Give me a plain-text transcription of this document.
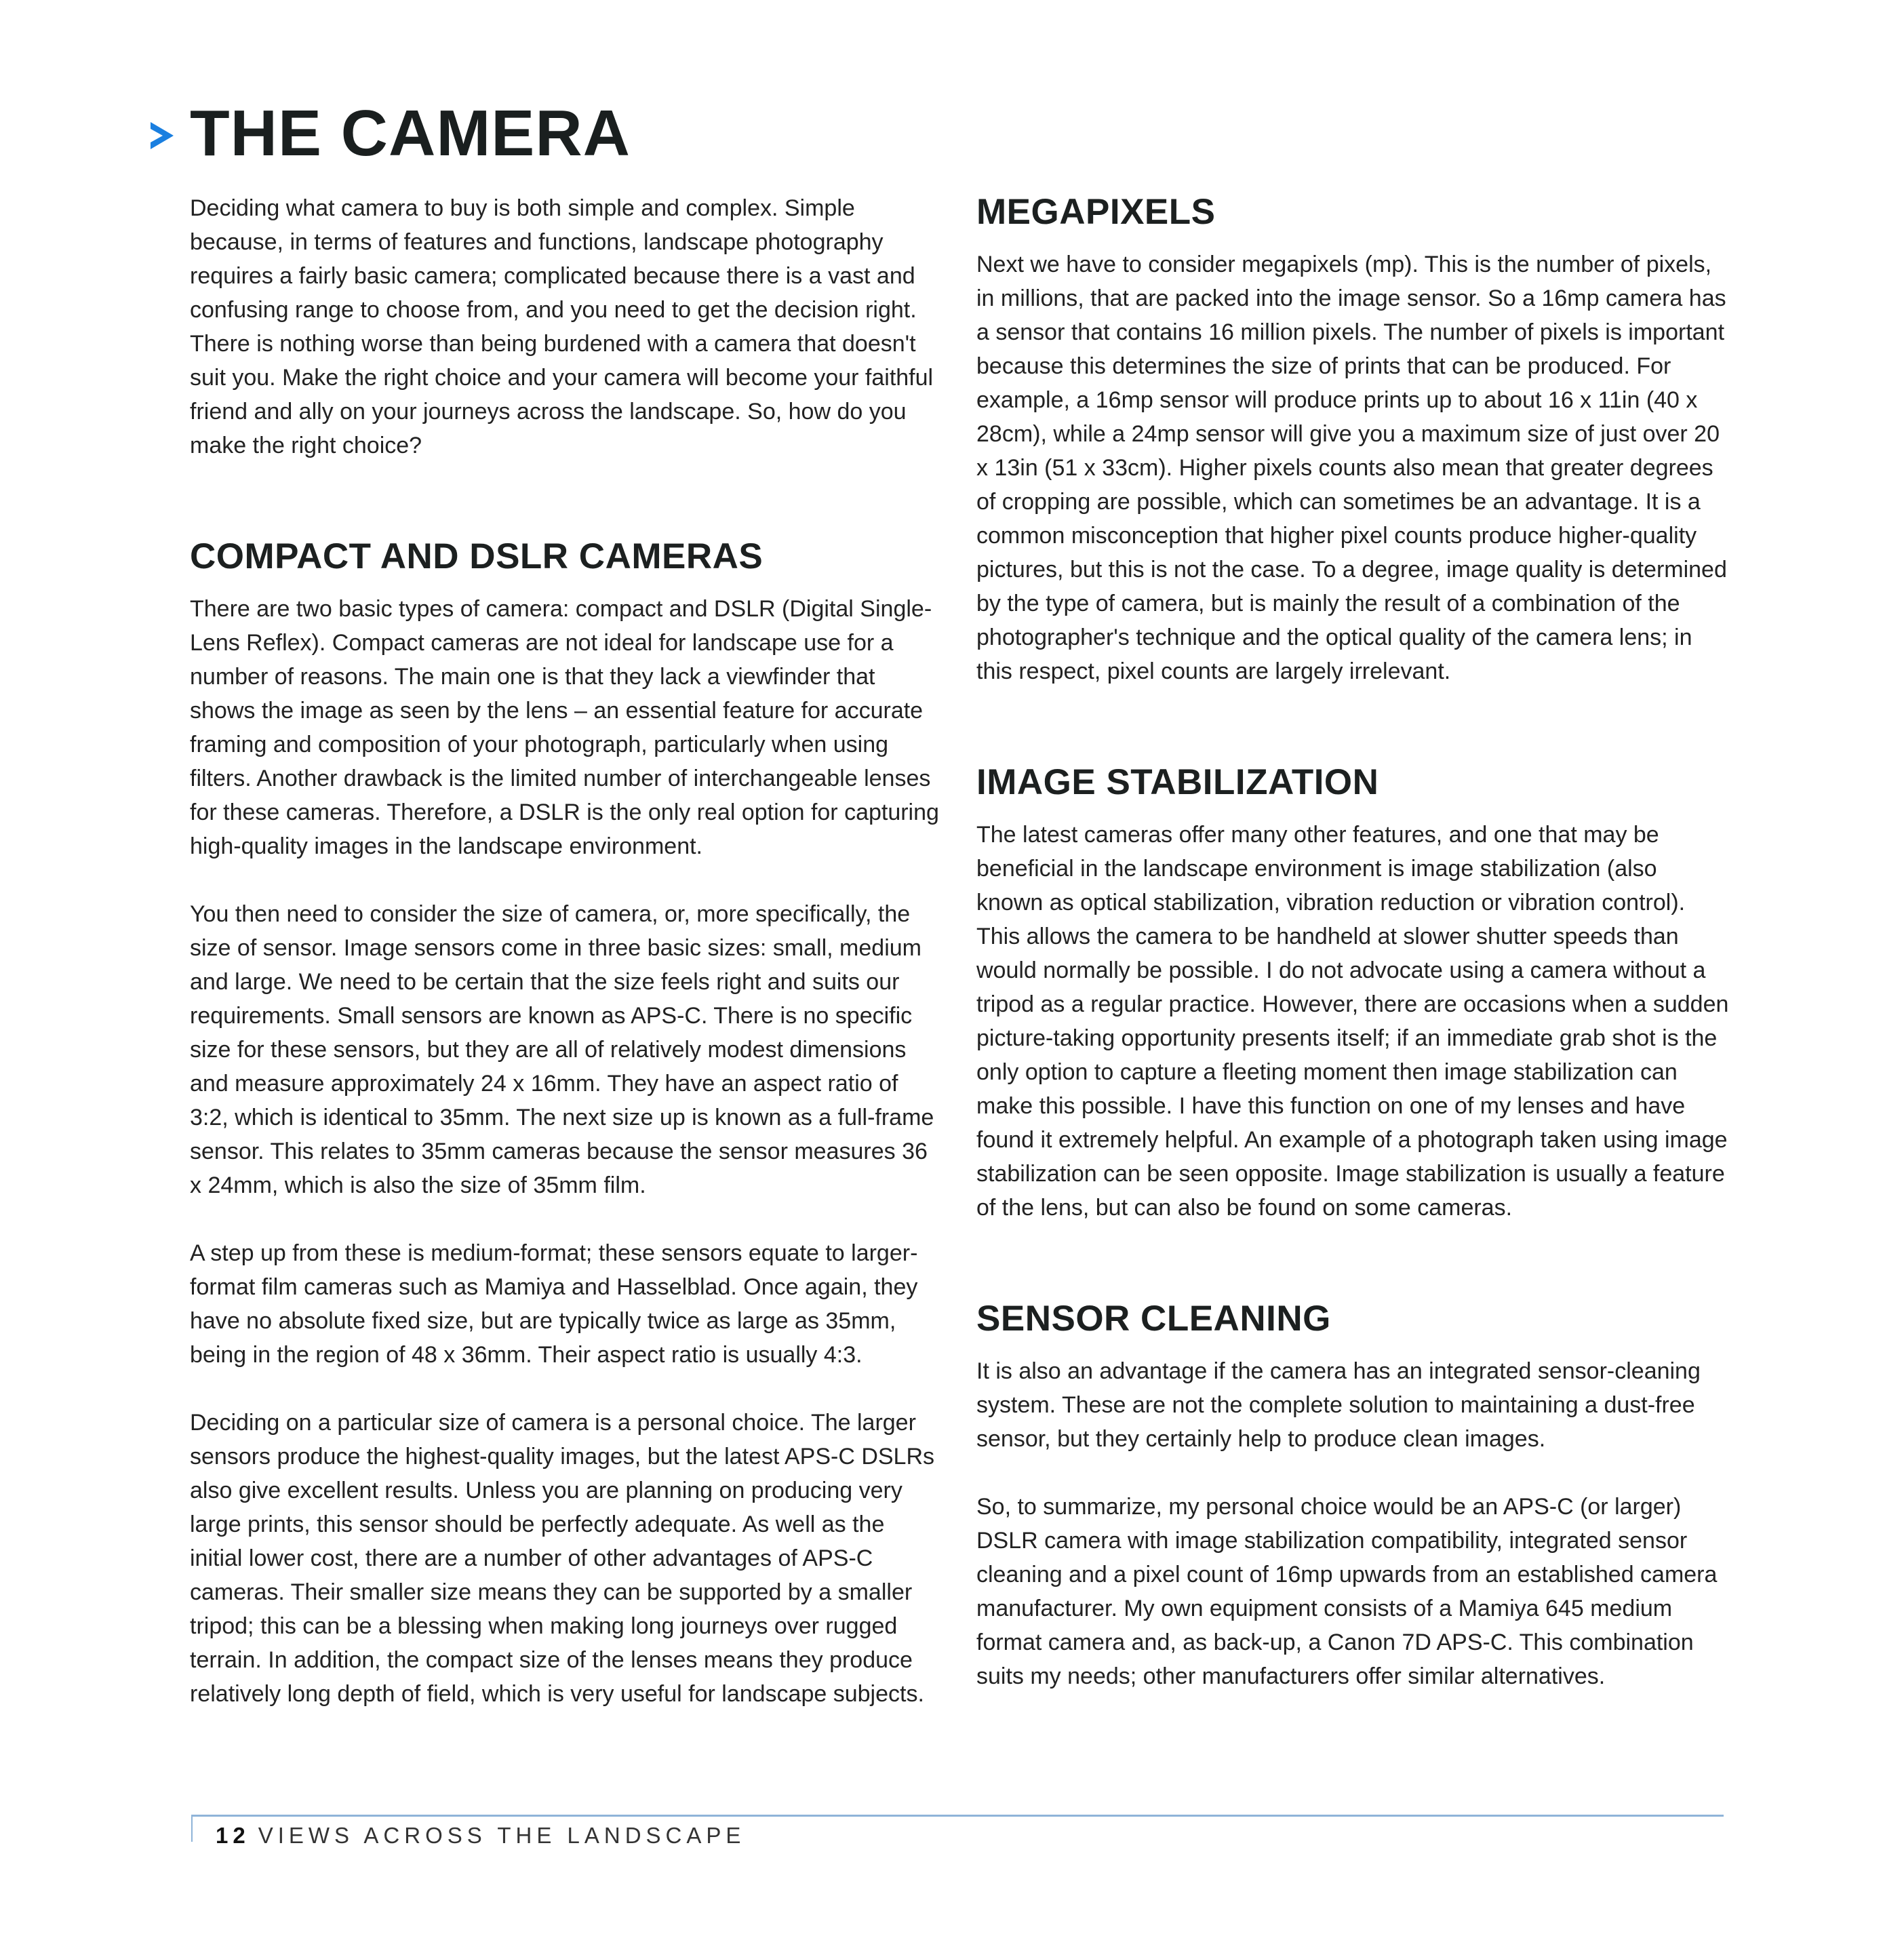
THE CAMERA

Deciding what camera to buy is both simple and complex. Simple because, in terms of features and functions, landscape photography requires a fairly basic camera; complicated because there is a vast and confusing range to choose from, and you need to get the decision right. There is nothing worse than being burdened with a camera that doesn't suit you. Make the right choice and your camera will become your faithful friend and ally on your journeys across the landscape. So, how do you make the right choice?

COMPACT AND DSLR CAMERAS

There are two basic types of camera: compact and DSLR (Digital Single-Lens Reflex). Compact cameras are not ideal for landscape use for a number of reasons. The main one is that they lack a viewfinder that shows the image as seen by the lens – an essential feature for accurate framing and composition of your photograph, particularly when using filters. Another drawback is the limited number of interchangeable lenses for these cameras. Therefore, a DSLR is the only real option for capturing high-quality images in the landscape environment.

You then need to consider the size of camera, or, more specifically, the size of sensor. Image sensors come in three basic sizes: small, medium and large. We need to be certain that the size feels right and suits our requirements. Small sensors are known as APS-C. There is no specific size for these sensors, but they are all of relatively modest dimensions and measure approximately 24 x 16mm. They have an aspect ratio of 3:2, which is identical to 35mm. The next size up is known as a full-frame sensor. This relates to 35mm cameras because the sensor measures 36 x 24mm, which is also the size of 35mm film.

A step up from these is medium-format; these sensors equate to larger-format film cameras such as Mamiya and Hasselblad. Once again, they have no absolute fixed size, but are typically twice as large as 35mm, being in the region of 48 x 36mm. Their aspect ratio is usually 4:3.

Deciding on a particular size of camera is a personal choice. The larger sensors produce the highest-quality images, but the latest APS-C DSLRs also give excellent results. Unless you are planning on producing very large prints, this sensor should be perfectly adequate. As well as the initial lower cost, there are a number of other advantages of APS-C cameras. Their smaller size means they can be supported by a smaller tripod; this can be a blessing when making long journeys over rugged terrain. In addition, the compact size of the lenses means they produce relatively long depth of field, which is very useful for landscape subjects.

MEGAPIXELS

Next we have to consider megapixels (mp). This is the number of pixels, in millions, that are packed into the image sensor. So a 16mp camera has a sensor that contains 16 million pixels. The number of pixels is important because this determines the size of prints that can be produced. For example, a 16mp sensor will produce prints up to about 16 x 11in (40 x 28cm), while a 24mp sensor will give you a maximum size of just over 20 x 13in (51 x 33cm). Higher pixels counts also mean that greater degrees of cropping are possible, which can sometimes be an advantage. It is a common misconception that higher pixel counts produce higher-quality pictures, but this is not the case. To a degree, image quality is determined by the type of camera, but is mainly the result of a combination of the photographer's technique and the optical quality of the camera lens; in this respect, pixel counts are largely irrelevant.

IMAGE STABILIZATION

The latest cameras offer many other features, and one that may be beneficial in the landscape environment is image stabilization (also known as optical stabilization, vibration reduction or vibration control). This allows the camera to be handheld at slower shutter speeds than would normally be possible. I do not advocate using a camera without a tripod as a regular practice. However, there are occasions when a sudden picture-taking opportunity presents itself; if an immediate grab shot is the only option to capture a fleeting moment then image stabilization can make this possible. I have this function on one of my lenses and have found it extremely helpful. An example of a photograph taken using image stabilization can be seen opposite. Image stabilization is usually a feature of the lens, but can also be found on some cameras.

SENSOR CLEANING

It is also an advantage if the camera has an integrated sensor-cleaning system. These are not the complete solution to maintaining a dust-free sensor, but they certainly help to produce clean images.

So, to summarize, my personal choice would be an APS-C (or larger) DSLR camera with image stabilization compatibility, integrated sensor cleaning and a pixel count of 16mp upwards from an established camera manufacturer. My own equipment consists of a Mamiya 645 medium format camera and, as back-up, a Canon 7D APS-C. This combination suits my needs; other manufacturers offer similar alternatives.

12 VIEWS ACROSS THE LANDSCAPE
